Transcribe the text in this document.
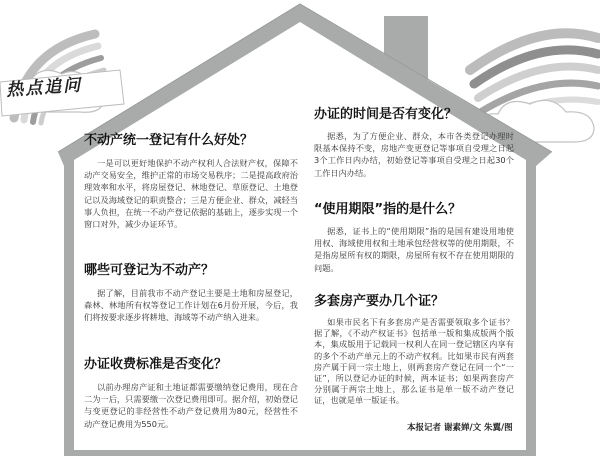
热点追问
不动产统一登记有什么好处？
一是可以更好地保护不动产权利人合法财产权，保障不动产交易安全，维护正常的市场交易秩序；二是提高政府治理效率和水平，将房屋登记、林地登记、草原登记、土地登记以及海域登记的职责整合；三是方便企业、群众，减轻当事人负担，在统一不动产登记依据的基础上，逐步实现一个窗口对外，减少办证环节。
哪些可登记为不动产？
据了解，目前我市不动产登记主要是土地和房屋登记，森林、林地所有权等登记工作计划在6月份开展，今后，我们将按要求逐步将耕地、海域等不动产纳入进来。
办证收费标准是否变化？
以前办理房产证和土地证都需要缴纳登记费用，现在合二为一后，只需要缴一次登记费用即可。据介绍，初始登记与变更登记的非经营性不动产登记费用为80元，经营性不动产登记费用为550元。
办证的时间是否有变化？
据悉，为了方便企业、群众，本市各类登记办理时限基本保持不变，房地产变更登记等事项自受理之日起3个工作日内办结，初始登记等事项自受理之日起30个工作日内办结。
“使用期限”指的是什么？
据悉，证书上的“使用期限”指的是国有建设用地使用权、海域使用权和土地承包经营权等的使用期限，不是指房屋所有权的期限，房屋所有权不存在使用期限的问题。
多套房产要办几个证？
如果市民名下有多套房产是否需要领取多个证书？据了解，《不动产权证书》包括单一版和集成版两个版本，集成版用于记载同一权利人在同一登记辖区内享有的多个不动产单元上的不动产权利。比如果市民有两套房产属于同一宗土地上，则两套房产登记在同一个“一证”，所以登记办证的时候，两本证书；如果两套房产分别属于两宗土地上，那么证书是单一版不动产登记证，也就是单一版证书。
本报记者 谢素婵/文 朱翼/图
